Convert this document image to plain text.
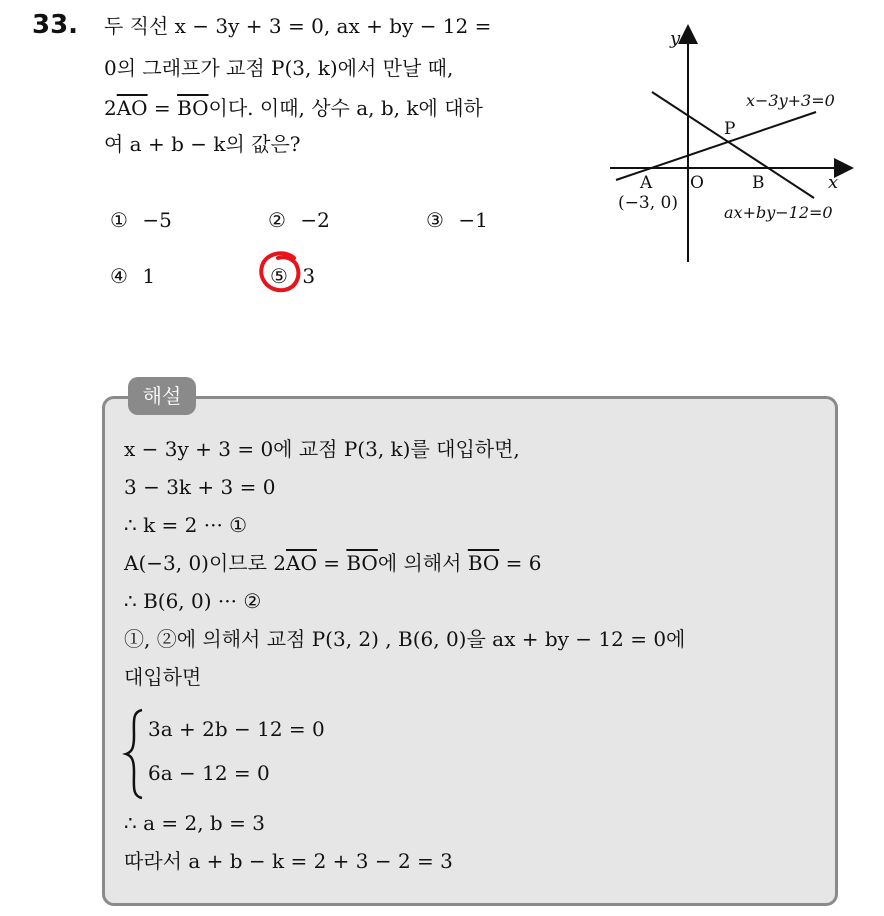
33. 두 직선 x − 3y + 3 = 0, ax + by − 12 =
0의 그래프가 교점 P(3, k)에서 만날 때,
$2\overline{AO} = \overline{BO}$이다. 이때, 상수 a, b, k에 대하
여 a + b − k의 값은?
① −5	② −2	③ −1
④ 1	⑤ 3
y
x
O
A
(−3, 0)
B
P
x−3y+3=0
ax+by−12=0
해설
x − 3y + 3 = 0에 교점 P(3, k)를 대입하면,
3 − 3k + 3 = 0
∴ k = 2 ··· ①
A(−3, 0)이므로 $2\overline{AO} = \overline{BO}$에 의해서 $\overline{BO} = 6$
∴ B(6, 0) ··· ②
①, ②에 의해서 교점 P(3, 2) , B(6, 0)을 ax + by − 12 = 0에
대입하면
3a + 2b − 12 = 0
6a − 12 = 0
∴ a = 2, b = 3
따라서 a + b − k = 2 + 3 − 2 = 3
